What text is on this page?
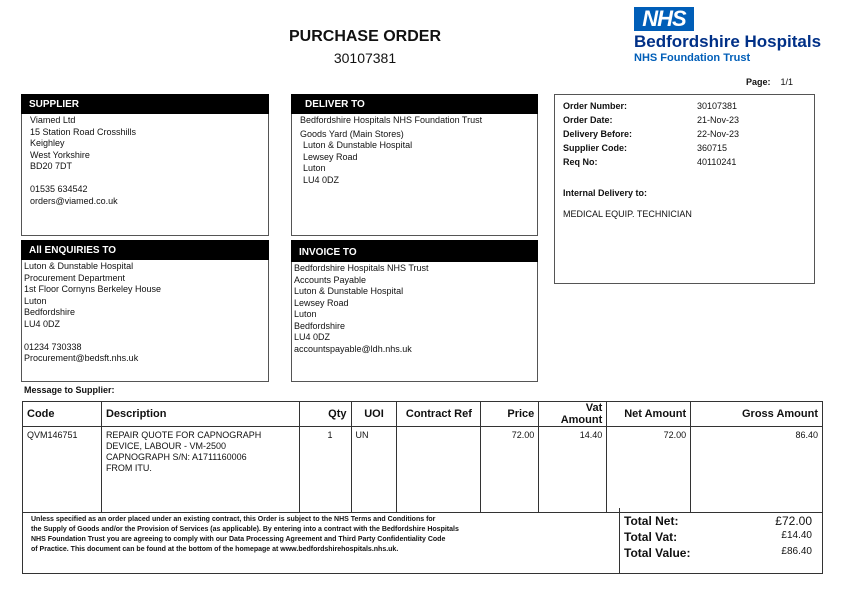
PURCHASE ORDER
30107381
NHS
Bedfordshire Hospitals
NHS Foundation Trust
Page: 1/1
SUPPLIER
Viamed Ltd
15 Station Road Crosshills
Keighley
West Yorkshire
BD20 7DT
01535 634542
orders@viamed.co.uk
DELIVER TO
Bedfordshire Hospitals NHS Foundation Trust
Goods Yard (Main Stores)
Luton & Dunstable Hospital
Lewsey Road
Luton
LU4 0DZ
All ENQUIRIES TO
Luton & Dunstable Hospital
Procurement Department
1st Floor Cornyns Berkeley House
Luton
Bedfordshire
LU4 0DZ
01234 730338
Procurement@bedsft.nhs.uk
INVOICE TO
Bedfordshire Hospitals NHS Trust
Accounts Payable
Luton & Dunstable Hospital
Lewsey Road
Luton
Bedfordshire
LU4 0DZ
accountspayable@ldh.nhs.uk
Order Number:	30107381
Order Date:	21-Nov-23
Delivery Before:	22-Nov-23
Supplier Code:	360715
Req No:	40110241
Internal Delivery to:
MEDICAL EQUIP. TECHNICIAN
Message to Supplier:
Code	Description	Qty	UOI	Contract Ref	Price	Vat Amount	Net Amount	Gross Amount
QVM146751	REPAIR QUOTE FOR CAPNOGRAPH
DEVICE, LABOUR - VM-2500
CAPNOGRAPH S/N: A1711160006
FROM ITU.	1	UN		72.00	14.40	72.00	86.40
Unless specified as an order placed under an existing contract, this Order is subject to the NHS Terms and Conditions for
the Supply of Goods and/or the Provision of Services (as applicable). By entering into a contract with the Bedfordshire Hospitals
NHS Foundation Trust you are agreeing to comply with our Data Processing Agreement and Third Party Confidentiality Code
of Practice. This document can be found at the bottom of the homepage at www.bedfordshirehospitals.nhs.uk.
Total Net:	£72.00
Total Vat:	£14.40
Total Value:	£86.40
